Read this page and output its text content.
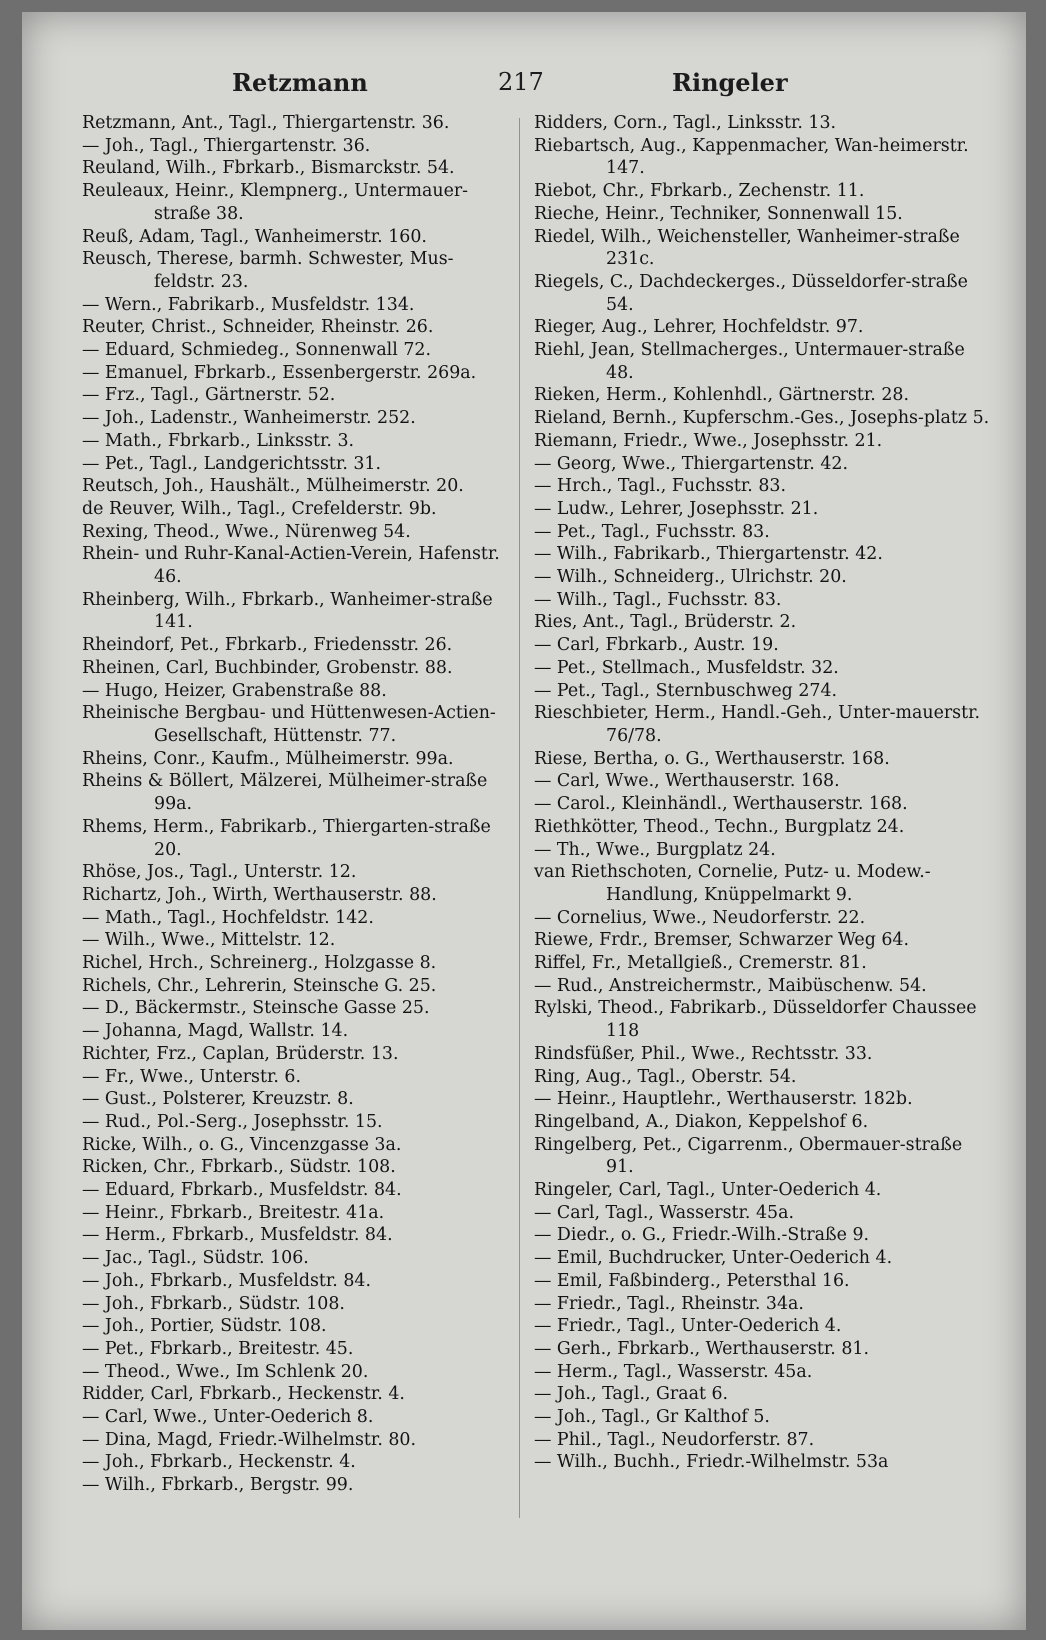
Retzmann	217	Ringeler

Retzmann, Ant., Tagl., Thiergartenstr. 36.

— Joh., Tagl., Thiergartenstr. 36.

Reuland, Wilh., Fbrkarb., Bismarckstr. 54.

Reuleaux, Heinr., Klempnerg., Untermauer-straße 38.

Reuß, Adam, Tagl., Wanheimerstr. 160.

Reusch, Therese, barmh. Schwester, Mus-feldstr. 23.

— Wern., Fabrikarb., Musfeldstr. 134.

Reuter, Christ., Schneider, Rheinstr. 26.

— Eduard, Schmiedeg., Sonnenwall 72.

— Emanuel, Fbrkarb., Essenbergerstr. 269a.

— Frz., Tagl., Gärtnerstr. 52.

— Joh., Ladenstr., Wanheimerstr. 252.

— Math., Fbrkarb., Linksstr. 3.

— Pet., Tagl., Landgerichtsstr. 31.

Reutsch, Joh., Haushält., Mülheimerstr. 20.

de Reuver, Wilh., Tagl., Crefelderstr. 9b.

Rexing, Theod., Wwe., Nürenweg 54.

Rhein- und Ruhr-Kanal-Actien-Verein, Hafenstr. 46.

Rheinberg, Wilh., Fbrkarb., Wanheimer-straße 141.

Rheindorf, Pet., Fbrkarb., Friedensstr. 26.

Rheinen, Carl, Buchbinder, Grobenstr. 88.

— Hugo, Heizer, Grabenstraße 88.

Rheinische Bergbau- und Hüttenwesen-Actien-Gesellschaft, Hüttenstr. 77.

Rheins, Conr., Kaufm., Mülheimerstr. 99a.

Rheins & Böllert, Mälzerei, Mülheimer-straße 99a.

Rhems, Herm., Fabrikarb., Thiergarten-straße 20.

Rhöse, Jos., Tagl., Unterstr. 12.

Richartz, Joh., Wirth, Werthauserstr. 88.

— Math., Tagl., Hochfeldstr. 142.

— Wilh., Wwe., Mittelstr. 12.

Richel, Hrch., Schreinerg., Holzgasse 8.

Richels, Chr., Lehrerin, Steinsche G. 25.

— D., Bäckermstr., Steinsche Gasse 25.

— Johanna, Magd, Wallstr. 14.

Richter, Frz., Caplan, Brüderstr. 13.

— Fr., Wwe., Unterstr. 6.

— Gust., Polsterer, Kreuzstr. 8.

— Rud., Pol.-Serg., Josephsstr. 15.

Ricke, Wilh., o. G., Vincenzgasse 3a.

Ricken, Chr., Fbrkarb., Südstr. 108.

— Eduard, Fbrkarb., Musfeldstr. 84.

— Heinr., Fbrkarb., Breitestr. 41a.

— Herm., Fbrkarb., Musfeldstr. 84.

— Jac., Tagl., Südstr. 106.

— Joh., Fbrkarb., Musfeldstr. 84.

— Joh., Fbrkarb., Südstr. 108.

— Joh., Portier, Südstr. 108.

— Pet., Fbrkarb., Breitestr. 45.

— Theod., Wwe., Im Schlenk 20.

Ridder, Carl, Fbrkarb., Heckenstr. 4.

— Carl, Wwe., Unter-Oederich 8.

— Dina, Magd, Friedr.-Wilhelmstr. 80.

— Joh., Fbrkarb., Heckenstr. 4.

— Wilh., Fbrkarb., Bergstr. 99.

Ridders, Corn., Tagl., Linksstr. 13.

Riebartsch, Aug., Kappenmacher, Wan-heimerstr. 147.

Riebot, Chr., Fbrkarb., Zechenstr. 11.

Rieche, Heinr., Techniker, Sonnenwall 15.

Riedel, Wilh., Weichensteller, Wanheimer-straße 231c.

Riegels, C., Dachdeckerges., Düsseldorfer-straße 54.

Rieger, Aug., Lehrer, Hochfeldstr. 97.

Riehl, Jean, Stellmacherges., Untermauer-straße 48.

Rieken, Herm., Kohlenhdl., Gärtnerstr. 28.

Rieland, Bernh., Kupferschm.-Ges., Josephs-platz 5.

Riemann, Friedr., Wwe., Josephsstr. 21.

— Georg, Wwe., Thiergartenstr. 42.

— Hrch., Tagl., Fuchsstr. 83.

— Ludw., Lehrer, Josephsstr. 21.

— Pet., Tagl., Fuchsstr. 83.

— Wilh., Fabrikarb., Thiergartenstr. 42.

— Wilh., Schneiderg., Ulrichstr. 20.

— Wilh., Tagl., Fuchsstr. 83.

Ries, Ant., Tagl., Brüderstr. 2.

— Carl, Fbrkarb., Austr. 19.

— Pet., Stellmach., Musfeldstr. 32.

— Pet., Tagl., Sternbuschweg 274.

Rieschbieter, Herm., Handl.-Geh., Unter-mauerstr. 76/78.

Riese, Bertha, o. G., Werthauserstr. 168.

— Carl, Wwe., Werthauserstr. 168.

— Carol., Kleinhändl., Werthauserstr. 168.

Riethkötter, Theod., Techn., Burgplatz 24.

— Th., Wwe., Burgplatz 24.

van Riethschoten, Cornelie, Putz- u. Modew.-Handlung, Knüppelmarkt 9.

— Cornelius, Wwe., Neudorferstr. 22.

Riewe, Frdr., Bremser, Schwarzer Weg 64.

Riffel, Fr., Metallgieß., Cremerstr. 81.

— Rud., Anstreichermstr., Maibüschenw. 54.

Rylski, Theod., Fabrikarb., Düsseldorfer Chaussee 118

Rindsfüßer, Phil., Wwe., Rechtsstr. 33.

Ring, Aug., Tagl., Oberstr. 54.

— Heinr., Hauptlehr., Werthauserstr. 182b.

Ringelband, A., Diakon, Keppelshof 6.

Ringelberg, Pet., Cigarrenm., Obermauer-straße 91.

Ringeler, Carl, Tagl., Unter-Oederich 4.

— Carl, Tagl., Wasserstr. 45a.

— Diedr., o. G., Friedr.-Wilh.-Straße 9.

— Emil, Buchdrucker, Unter-Oederich 4.

— Emil, Faßbinderg., Petersthal 16.

— Friedr., Tagl., Rheinstr. 34a.

— Friedr., Tagl., Unter-Oederich 4.

— Gerh., Fbrkarb., Werthauserstr. 81.

— Herm., Tagl., Wasserstr. 45a.

— Joh., Tagl., Graat 6.

— Joh., Tagl., Gr Kalthof 5.

— Phil., Tagl., Neudorferstr. 87.

— Wilh., Buchh., Friedr.-Wilhelmstr. 53a
